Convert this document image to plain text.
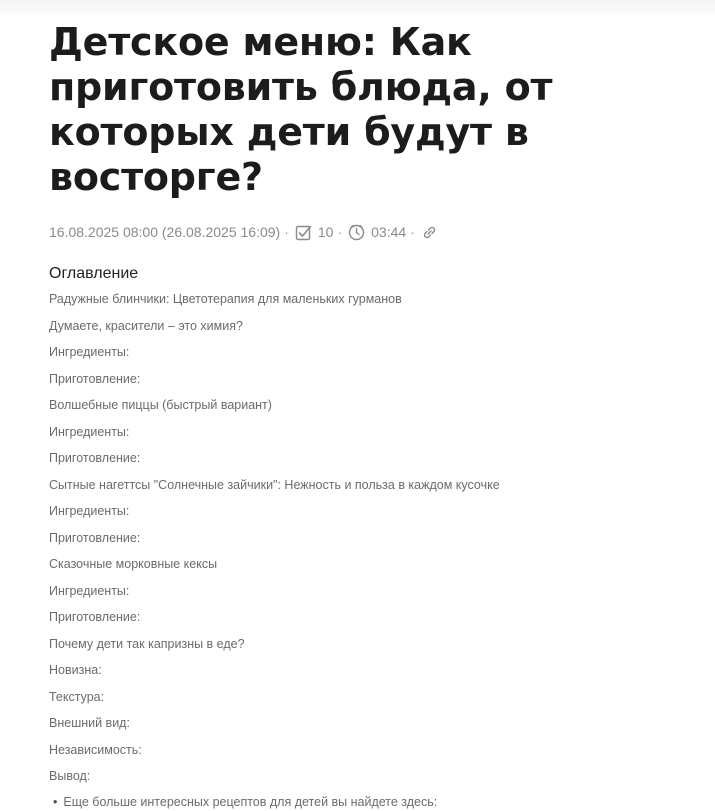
Детское меню: Как приготовить блюда, от которых дети будут в восторге?
16.08.2025 08:00 (26.08.2025 16:09) · 10 · 03:44 ·
Оглавление
Радужные блинчики: Цветотерапия для маленьких гурманов
Думаете, красители – это химия?
Ингредиенты:
Приготовление:
Волшебные пиццы (быстрый вариант)
Ингредиенты:
Приготовление:
Сытные нагеттсы "Солнечные зайчики": Нежность и польза в каждом кусочке
Ингредиенты:
Приготовление:
Сказочные морковные кексы
Ингредиенты:
Приготовление:
Почему дети так капризны в еде?
Новизна:
Текстура:
Внешний вид:
Независимость:
Вывод:
• Еще больше интересных рецептов для детей вы найдете здесь:
